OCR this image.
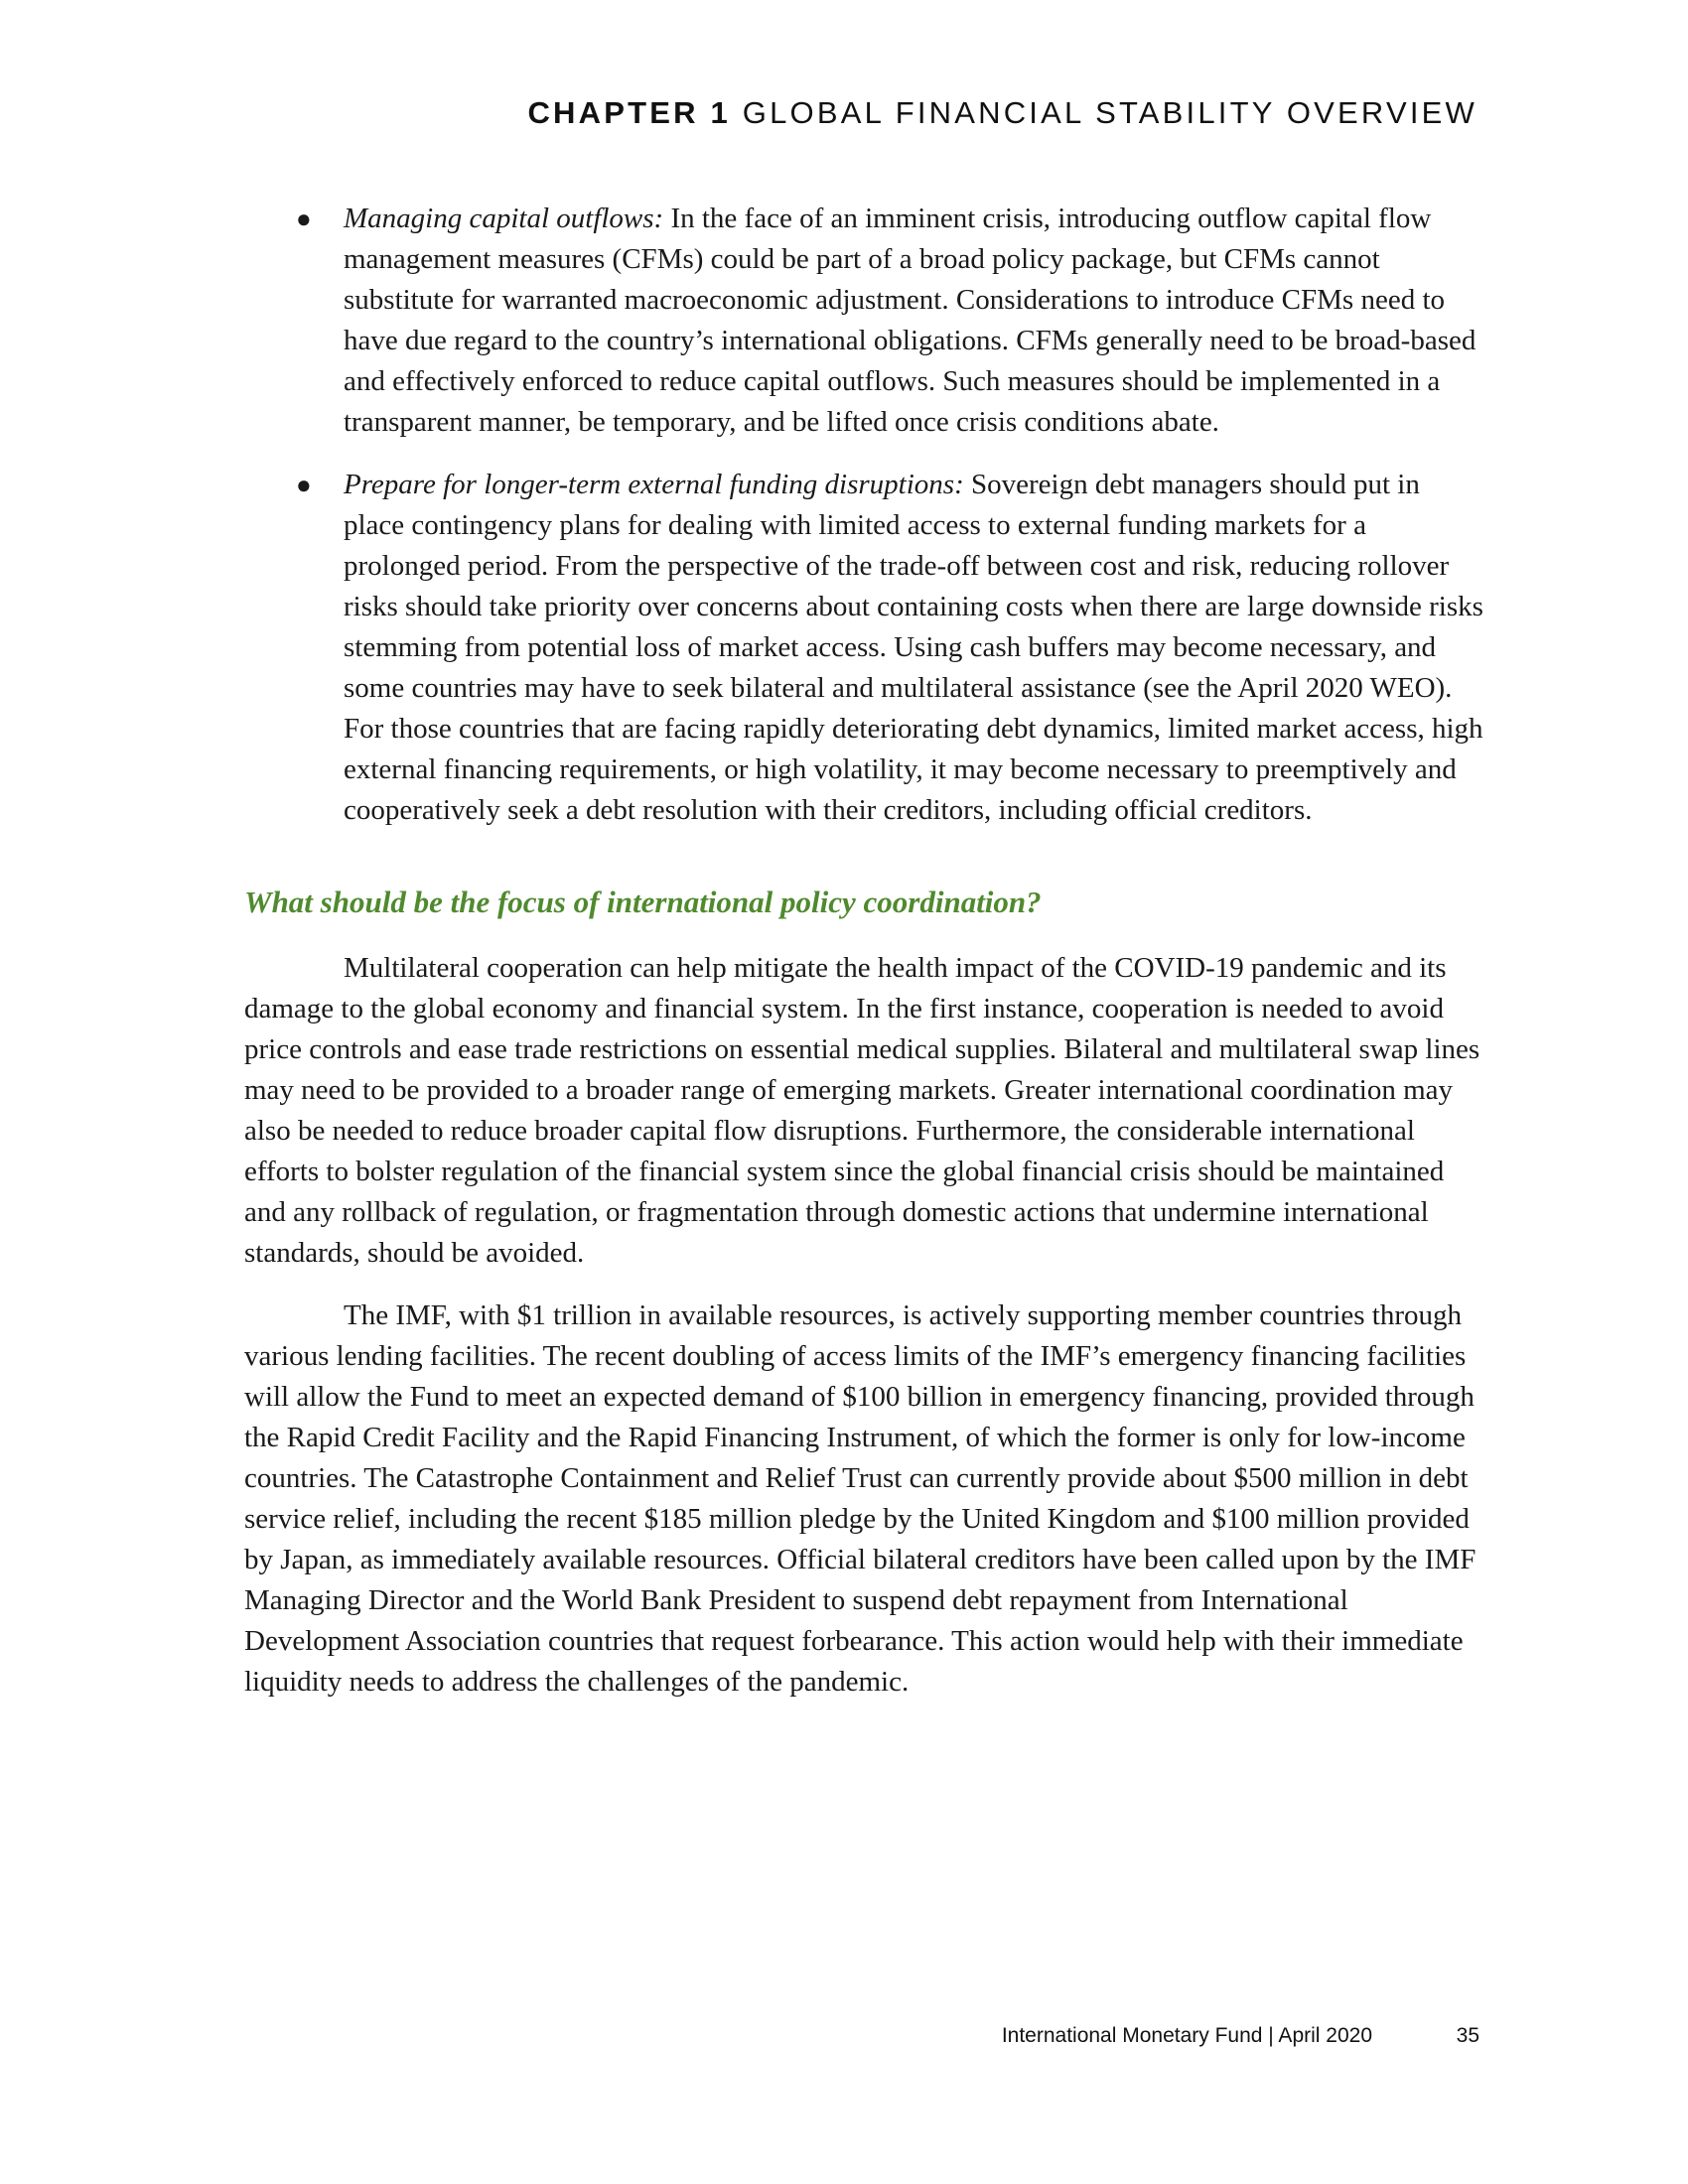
CHAPTER 1 GLOBAL FINANCIAL STABILITY OVERVIEW
● Managing capital outflows: In the face of an imminent crisis, introducing outflow capital flow management measures (CFMs) could be part of a broad policy package, but CFMs cannot substitute for warranted macroeconomic adjustment. Considerations to introduce CFMs need to have due regard to the country’s international obligations. CFMs generally need to be broad-based and effectively enforced to reduce capital outflows. Such measures should be implemented in a transparent manner, be temporary, and be lifted once crisis conditions abate.
● Prepare for longer-term external funding disruptions: Sovereign debt managers should put in place contingency plans for dealing with limited access to external funding markets for a prolonged period. From the perspective of the trade-off between cost and risk, reducing rollover risks should take priority over concerns about containing costs when there are large downside risks stemming from potential loss of market access. Using cash buffers may become necessary, and some countries may have to seek bilateral and multilateral assistance (see the April 2020 WEO). For those countries that are facing rapidly deteriorating debt dynamics, limited market access, high external financing requirements, or high volatility, it may become necessary to preemptively and cooperatively seek a debt resolution with their creditors, including official creditors.
What should be the focus of international policy coordination?

Multilateral cooperation can help mitigate the health impact of the COVID-19 pandemic and its damage to the global economy and financial system. In the first instance, cooperation is needed to avoid price controls and ease trade restrictions on essential medical supplies. Bilateral and multilateral swap lines may need to be provided to a broader range of emerging markets. Greater international coordination may also be needed to reduce broader capital flow disruptions. Furthermore, the considerable international efforts to bolster regulation of the financial system since the global financial crisis should be maintained and any rollback of regulation, or fragmentation through domestic actions that undermine international standards, should be avoided.

The IMF, with $1 trillion in available resources, is actively supporting member countries through various lending facilities. The recent doubling of access limits of the IMF’s emergency financing facilities will allow the Fund to meet an expected demand of $100 billion in emergency financing, provided through the Rapid Credit Facility and the Rapid Financing Instrument, of which the former is only for low-income countries. The Catastrophe Containment and Relief Trust can currently provide about $500 million in debt service relief, including the recent $185 million pledge by the United Kingdom and $100 million provided by Japan, as immediately available resources. Official bilateral creditors have been called upon by the IMF Managing Director and the World Bank President to suspend debt repayment from International Development Association countries that request forbearance. This action would help with their immediate liquidity needs to address the challenges of the pandemic.

International Monetary Fund | April 2020	35
